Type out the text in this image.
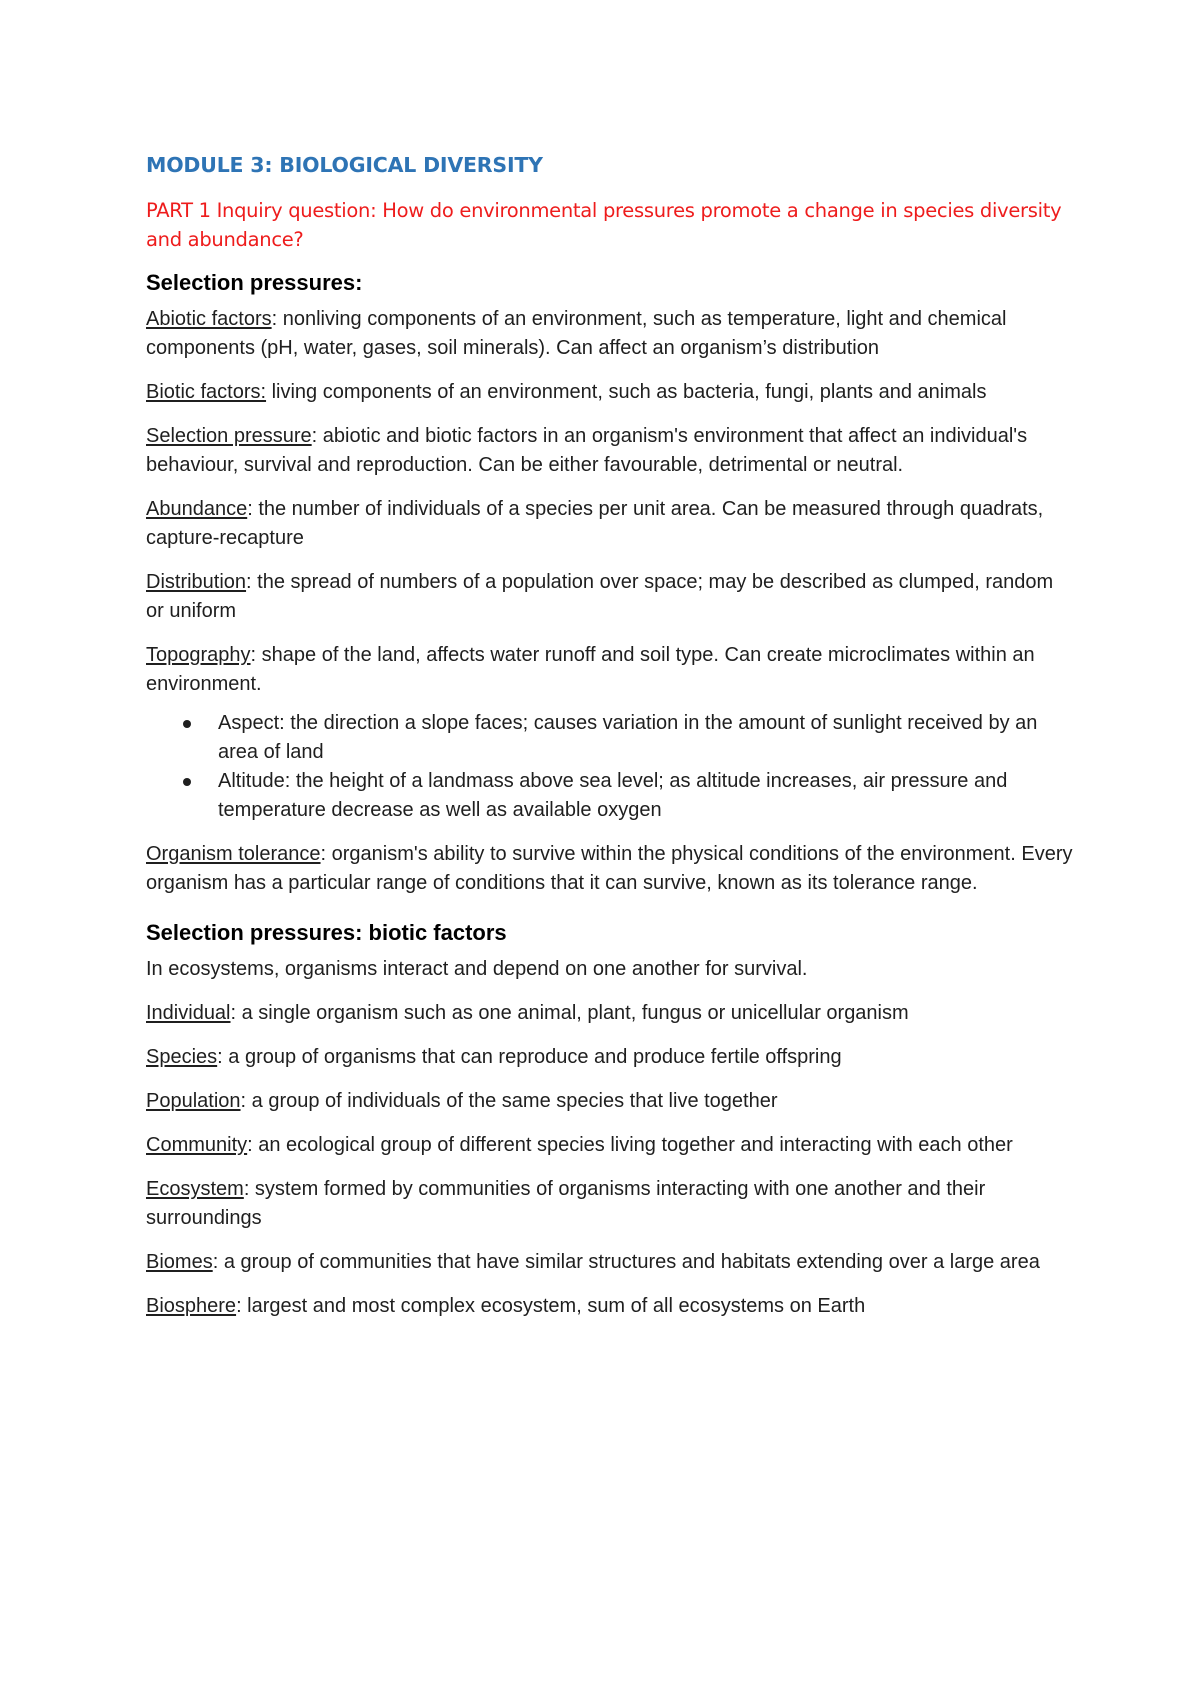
MODULE 3: BIOLOGICAL DIVERSITY

PART 1 Inquiry question: How do environmental pressures promote a change in species diversity and abundance?

Selection pressures:

Abiotic factors: nonliving components of an environment, such as temperature, light and chemical components (pH, water, gases, soil minerals). Can affect an organism’s distribution

Biotic factors: living components of an environment, such as bacteria, fungi, plants and animals

Selection pressure: abiotic and biotic factors in an organism's environment that affect an individual's behaviour, survival and reproduction. Can be either favourable, detrimental or neutral.

Abundance: the number of individuals of a species per unit area. Can be measured through quadrats, capture-recapture

Distribution: the spread of numbers of a population over space; may be described as clumped, random or uniform

Topography: shape of the land, affects water runoff and soil type. Can create microclimates within an environment.

Aspect: the direction a slope faces; causes variation in the amount of sunlight received by an area of land
Altitude: the height of a landmass above sea level; as altitude increases, air pressure and temperature decrease as well as available oxygen

Organism tolerance: organism's ability to survive within the physical conditions of the environment. Every organism has a particular range of conditions that it can survive, known as its tolerance range.

Selection pressures: biotic factors

In ecosystems, organisms interact and depend on one another for survival.

Individual: a single organism such as one animal, plant, fungus or unicellular organism

Species: a group of organisms that can reproduce and produce fertile offspring

Population: a group of individuals of the same species that live together

Community: an ecological group of different species living together and interacting with each other

Ecosystem: system formed by communities of organisms interacting with one another and their surroundings

Biomes: a group of communities that have similar structures and habitats extending over a large area

Biosphere: largest and most complex ecosystem, sum of all ecosystems on Earth
